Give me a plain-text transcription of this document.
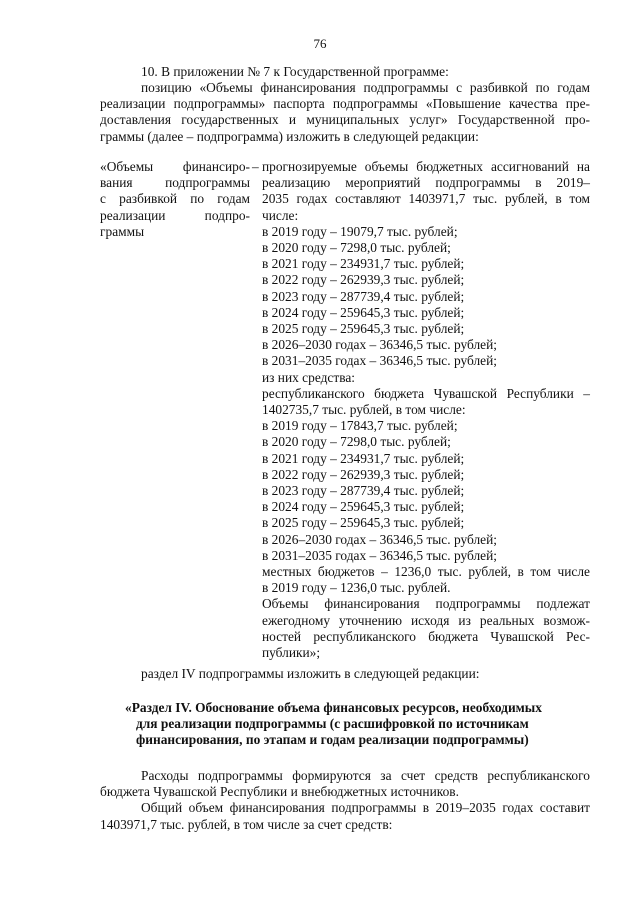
76
10. В приложении № 7 к Государственной программе:
позицию «Объемы финансирования подпрограммы с разбивкой по годам
реализации подпрограммы» паспорта подпрограммы «Повышение качества пре-
доставления государственных и муниципальных услуг» Государственной про-
граммы (далее – подпрограмма) изложить в следующей редакции:
«Объемы финансиро-
вания подпрограммы
с разбивкой по годам
реализации подпро-
граммы
– прогнозируемые объемы бюджетных ассигнований на
реализацию мероприятий подпрограммы в 2019–
2035 годах составляют 1403971,7 тыс. рублей, в том
числе:
в 2019 году – 19079,7 тыс. рублей;
в 2020 году – 7298,0 тыс. рублей;
в 2021 году – 234931,7 тыс. рублей;
в 2022 году – 262939,3 тыс. рублей;
в 2023 году – 287739,4 тыс. рублей;
в 2024 году – 259645,3 тыс. рублей;
в 2025 году – 259645,3 тыс. рублей;
в 2026–2030 годах – 36346,5 тыс. рублей;
в 2031–2035 годах – 36346,5 тыс. рублей;
из них средства:
республиканского бюджета Чувашской Республики –
1402735,7 тыс. рублей, в том числе:
в 2019 году – 17843,7 тыс. рублей;
в 2020 году – 7298,0 тыс. рублей;
в 2021 году – 234931,7 тыс. рублей;
в 2022 году – 262939,3 тыс. рублей;
в 2023 году – 287739,4 тыс. рублей;
в 2024 году – 259645,3 тыс. рублей;
в 2025 году – 259645,3 тыс. рублей;
в 2026–2030 годах – 36346,5 тыс. рублей;
в 2031–2035 годах – 36346,5 тыс. рублей;
местных бюджетов – 1236,0 тыс. рублей, в том числе
в 2019 году – 1236,0 тыс. рублей.
Объемы финансирования подпрограммы подлежат
ежегодному уточнению исходя из реальных возмож-
ностей республиканского бюджета Чувашской Рес-
публики»;
раздел IV подпрограммы изложить в следующей редакции:
«Раздел IV. Обоснование объема финансовых ресурсов, необходимых
для реализации подпрограммы (с расшифровкой по источникам
финансирования, по этапам и годам реализации подпрограммы)
Расходы подпрограммы формируются за счет средств республиканского
бюджета Чувашской Республики и внебюджетных источников.
Общий объем финансирования подпрограммы в 2019–2035 годах составит
1403971,7 тыс. рублей, в том числе за счет средств:
